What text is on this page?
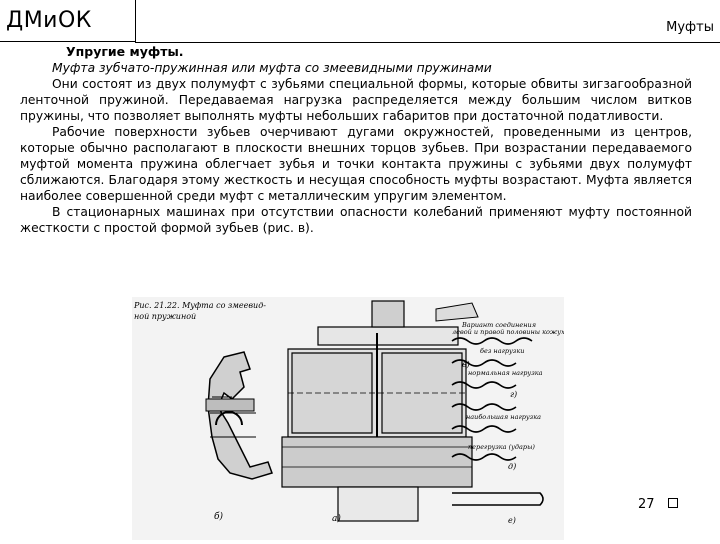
ДМиОК	Муфты
Упругие муфты.
Муфта зубчато-пружинная или муфта со змеевидными пружинами

Они состоят из двух полумуфт с зубьями специальной формы, которые обвиты зигзагообразной ленточной пружиной. Передаваемая нагрузка распределяется между большим числом витков пружины, что позволяет выполнять муфты небольших габаритов при достаточной податливости.

Рабочие поверхности зубьев очерчивают дугами окружностей, проведенными из центров, которые обычно располагают в плоскости внешних торцов зубьев. При возрастании передаваемого муфтой момента пружина облегчает зубья и точки контакта пружины с зубьями двух полумуфт сближаются. Благодаря этому жесткость и несущая способность муфты возрастают. Муфта является наиболее совершенной среди муфт с металлическим упругим элементом.

В стационарных машинах при отсутствии опасности колебаний применяют муфту постоянной жесткости с простой формой зубьев (рис. в).

Рис. 21.22. Муфта со змеевид-
ной пружиной
б)	а)
Вариант соединения
левой и правой половины кожуха
без нагрузки
нормальная нагрузка
наибольшая нагрузка
перегрузка (удары)
в)
г)
д)
е)
27
